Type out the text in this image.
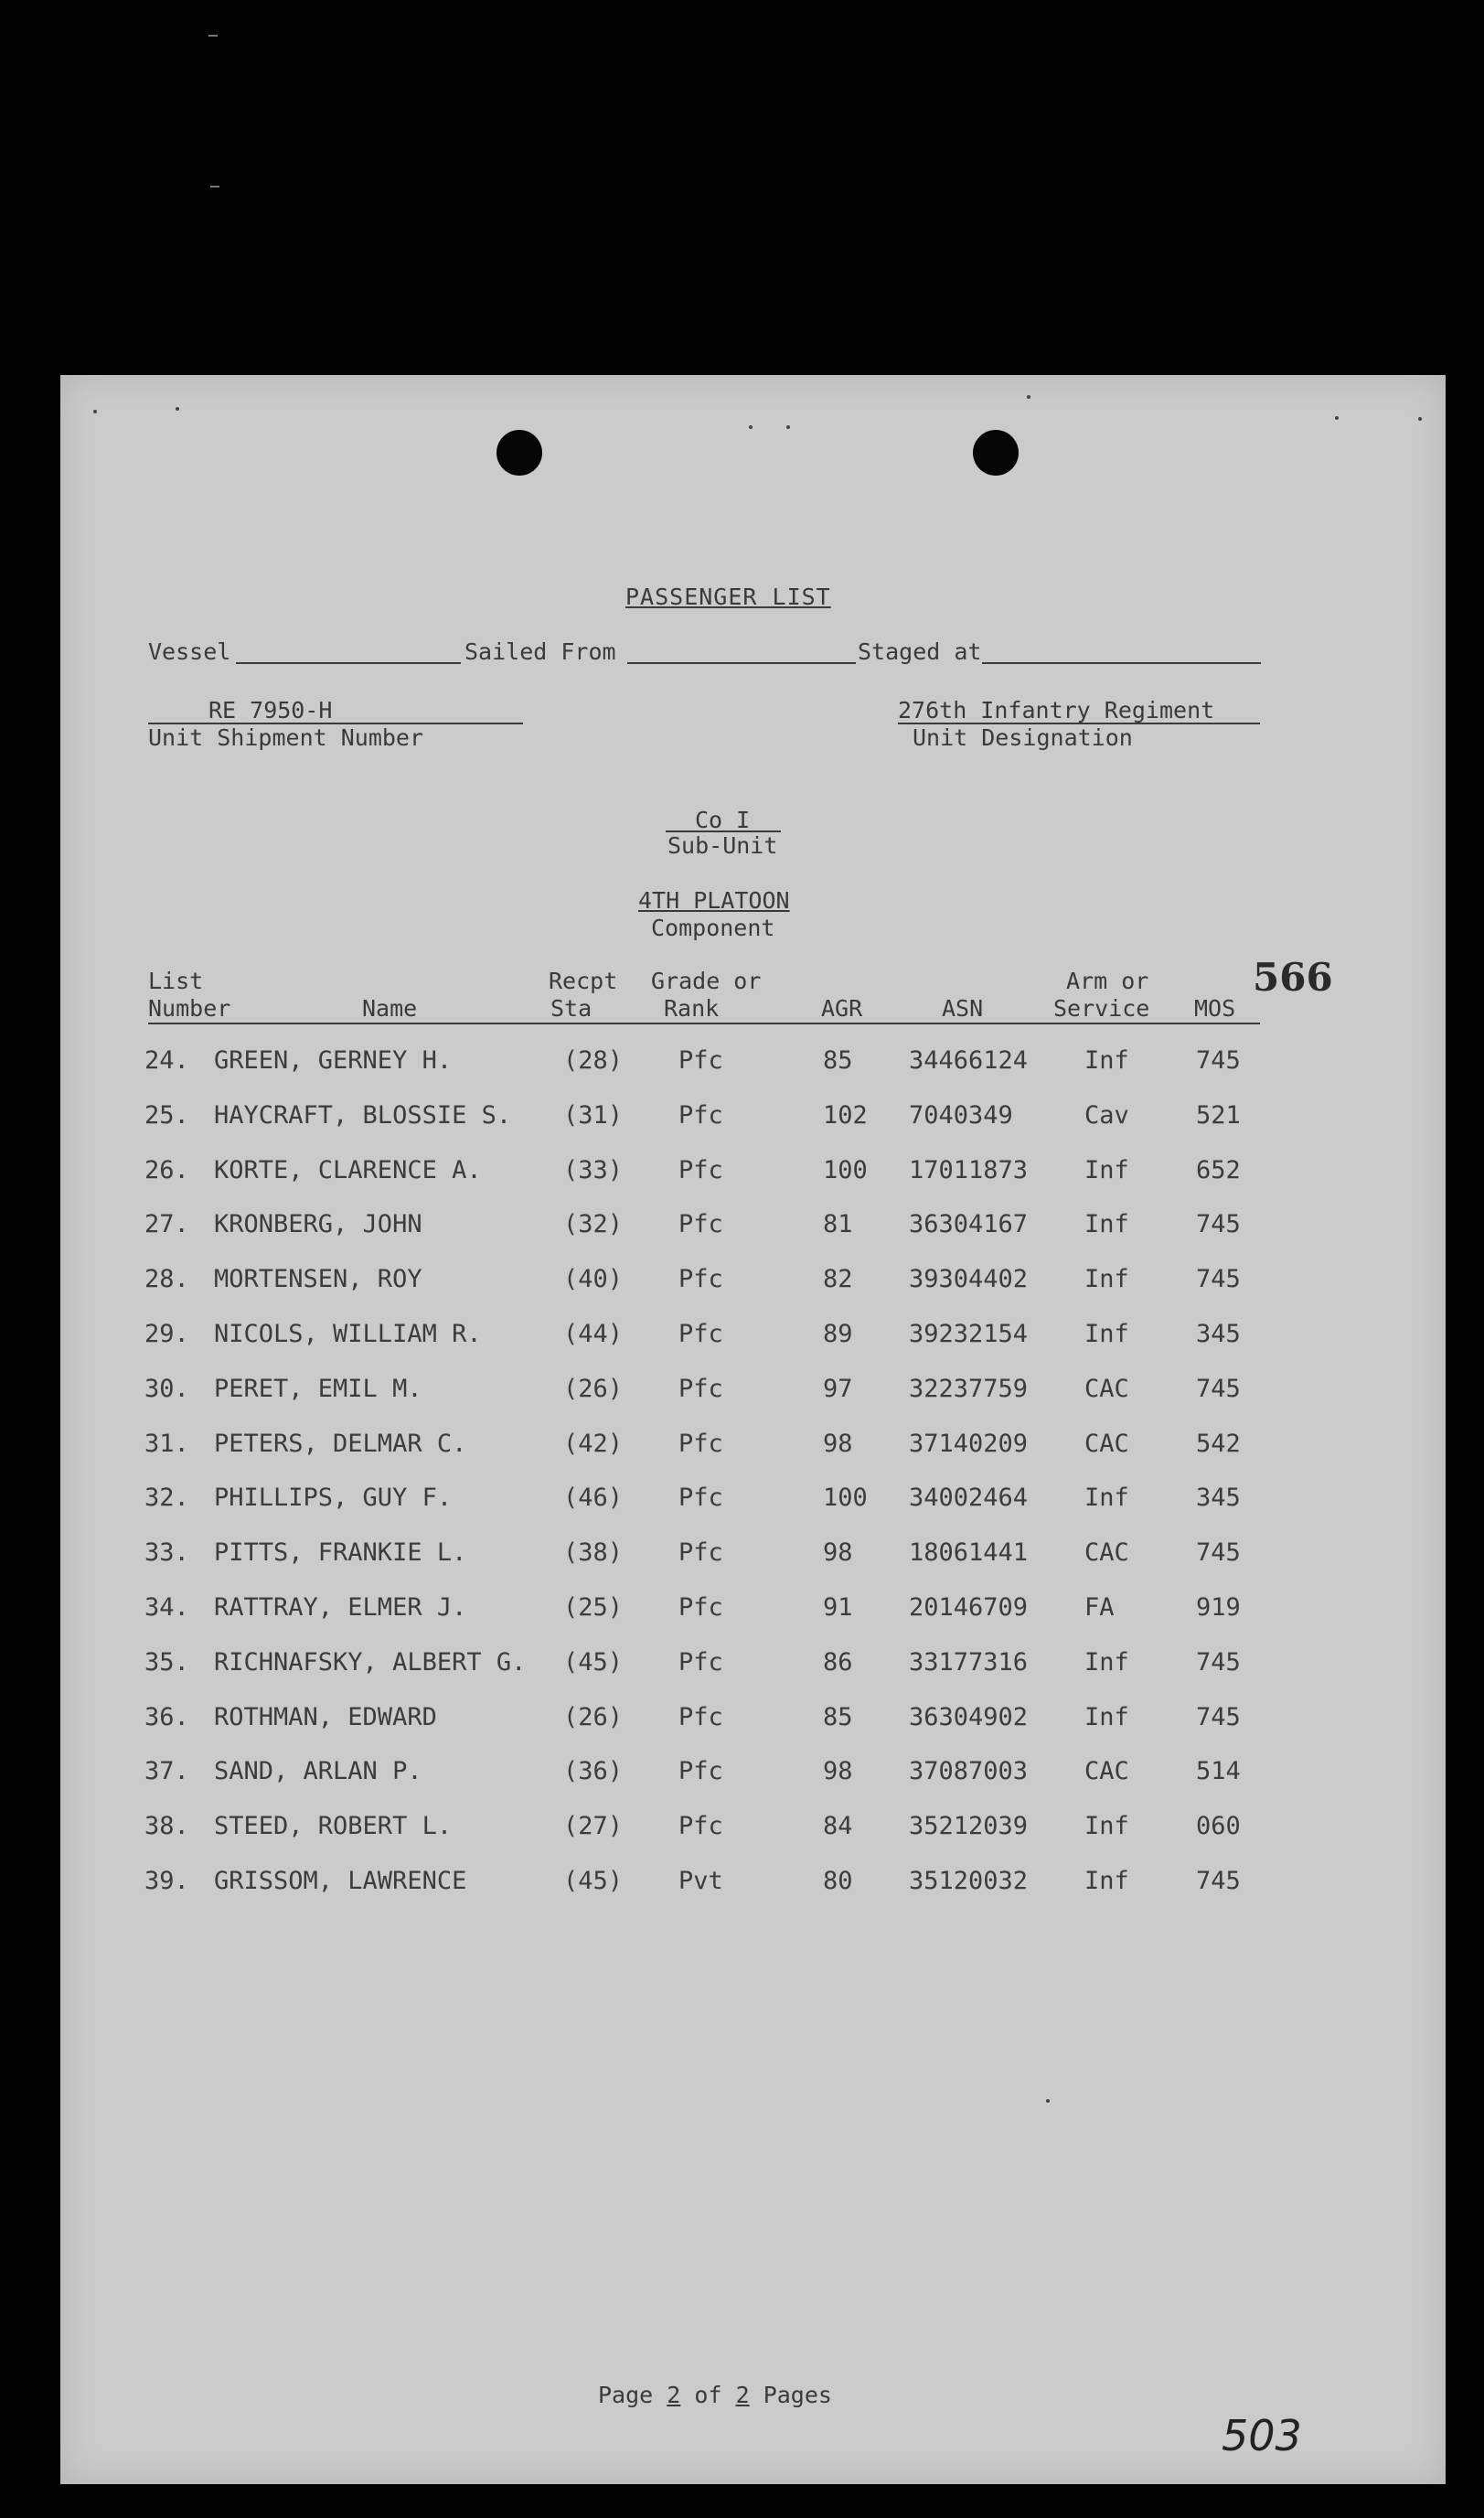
PASSENGER LIST
Vessel	Sailed From	Staged at
RE 7950-H
Unit Shipment Number
276th Infantry Regiment
Unit Designation
Co I
Sub-Unit
4TH PLATOON
Component
566
List
Number	Name
Recpt
Sta
Grade or
Rank	AGR	ASN
Arm or
Service MOS
24. GREEN, GERNEY H.	(28) Pfc	85 34466124 Inf	745
25. HAYCRAFT, BLOSSIE S. (31) Pfc	102 7040349	Cav	521
26. KORTE, CLARENCE A.	(33) Pfc	100 17011873 Inf	652
27. KRONBERG, JOHN	(32) Pfc	81 36304167 Inf	745
28. MORTENSEN, ROY	(40) Pfc	82 39304402 Inf	745
29. NICOLS, WILLIAM R.	(44) Pfc	89 39232154 Inf	345
30. PERET, EMIL M.	(26) Pfc	97 32237759 CAC	745
31. PETERS, DELMAR C.	(42) Pfc	98 37140209 CAC	542
32. PHILLIPS, GUY F.	(46) Pfc	100 34002464 Inf	345
33. PITTS, FRANKIE L.	(38) Pfc	98 18061441 CAC	745
34. RATTRAY, ELMER J.	(25) Pfc	91 20146709 FA	919
35. RICHNAFSKY, ALBERT G. (45) Pfc	86 33177316 Inf	745
36. ROTHMAN, EDWARD	(26) Pfc	85 36304902 Inf	745
37. SAND, ARLAN P.	(36) Pfc	98 37087003 CAC	514
38. STEED, ROBERT L.	(27) Pfc	84 35212039 Inf	060
39. GRISSOM, LAWRENCE	(45) Pvt	80 35120032 Inf	745
Page 2 of 2 Pages
503
